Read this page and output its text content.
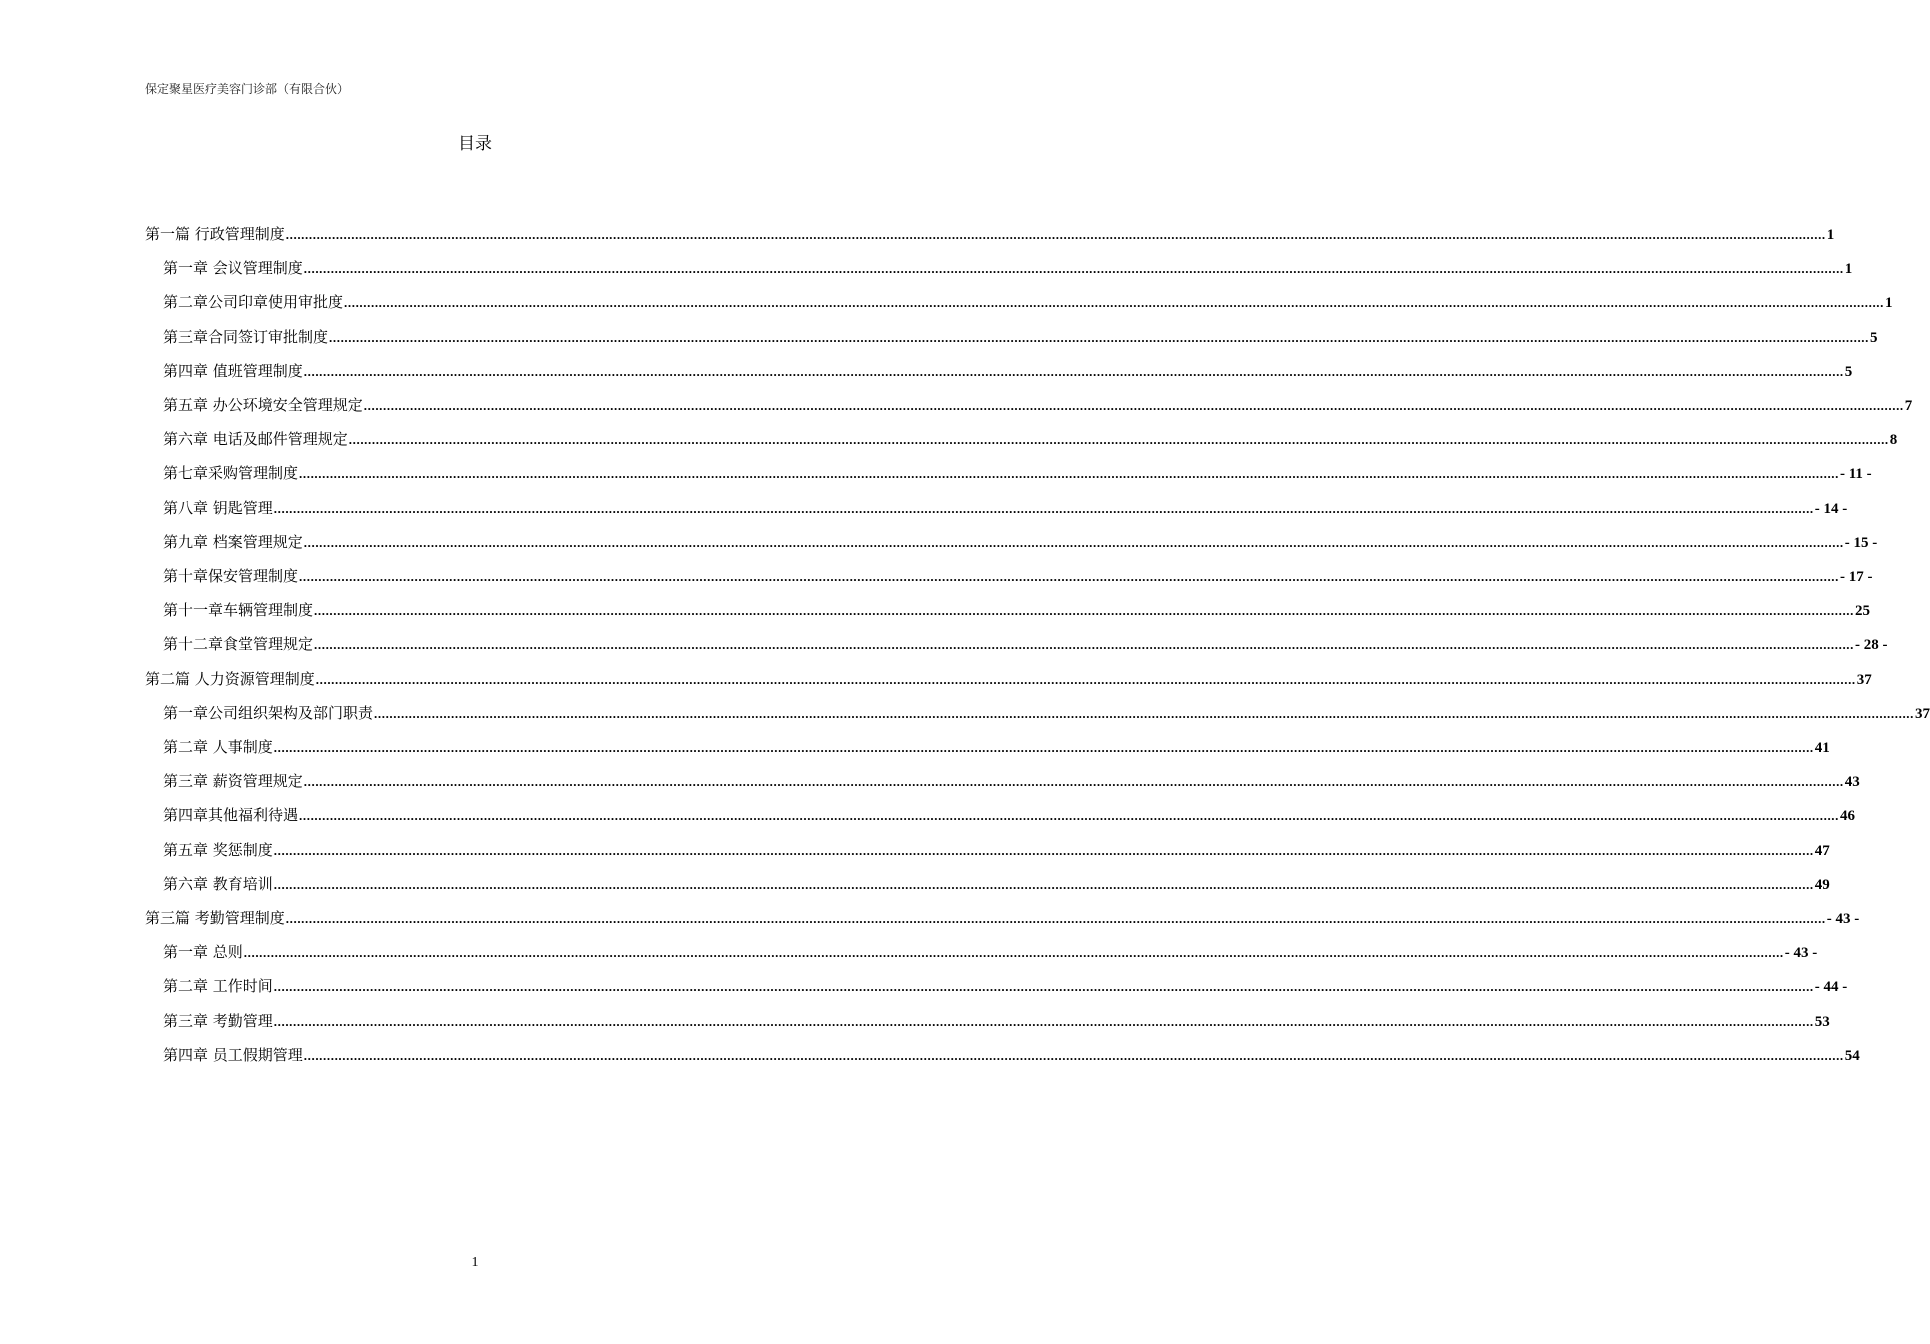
保定聚星医疗美容门诊部（有限合伙）
目录
第一篇 行政管理制度 ................................................................................................................................................................................................................................................................................................................................................................................................................ 1
第一章 会议管理制度 ................................................................................................................................................................................................................................................................................................................................................................................................................ 1
第二章公司印章使用审批度 ................................................................................................................................................................................................................................................................................................................................................................................................................ 1
第三章合同签订审批制度 ................................................................................................................................................................................................................................................................................................................................................................................................................ 5
第四章 值班管理制度 ................................................................................................................................................................................................................................................................................................................................................................................................................ 5
第五章 办公环境安全管理规定 ................................................................................................................................................................................................................................................................................................................................................................................................................ 7
第六章 电话及邮件管理规定 ................................................................................................................................................................................................................................................................................................................................................................................................................ 8
第七章采购管理制度 ................................................................................................................................................................................................................................................................................................................................................................................................................ - 11 -
第八章 钥匙管理 ................................................................................................................................................................................................................................................................................................................................................................................................................ - 14 -
第九章 档案管理规定 ................................................................................................................................................................................................................................................................................................................................................................................................................ - 15 -
第十章保安管理制度 ................................................................................................................................................................................................................................................................................................................................................................................................................ - 17 -
第十一章车辆管理制度 ................................................................................................................................................................................................................................................................................................................................................................................................................ 25
第十二章食堂管理规定 ................................................................................................................................................................................................................................................................................................................................................................................................................ - 28 -
第二篇 人力资源管理制度 ................................................................................................................................................................................................................................................................................................................................................................................................................ 37
第一章公司组织架构及部门职责 ................................................................................................................................................................................................................................................................................................................................................................................................................ 37
第二章 人事制度 ................................................................................................................................................................................................................................................................................................................................................................................................................ 41
第三章 薪资管理规定 ................................................................................................................................................................................................................................................................................................................................................................................................................ 43
第四章其他福利待遇 ................................................................................................................................................................................................................................................................................................................................................................................................................ 46
第五章 奖惩制度 ................................................................................................................................................................................................................................................................................................................................................................................................................ 47
第六章 教育培训 ................................................................................................................................................................................................................................................................................................................................................................................................................ 49
第三篇 考勤管理制度 ................................................................................................................................................................................................................................................................................................................................................................................................................ - 43 -
第一章 总则 ................................................................................................................................................................................................................................................................................................................................................................................................................ - 43 -
第二章 工作时间 ................................................................................................................................................................................................................................................................................................................................................................................................................ - 44 -
第三章 考勤管理 ................................................................................................................................................................................................................................................................................................................................................................................................................ 53
第四章 员工假期管理 ................................................................................................................................................................................................................................................................................................................................................................................................................ 54
1
